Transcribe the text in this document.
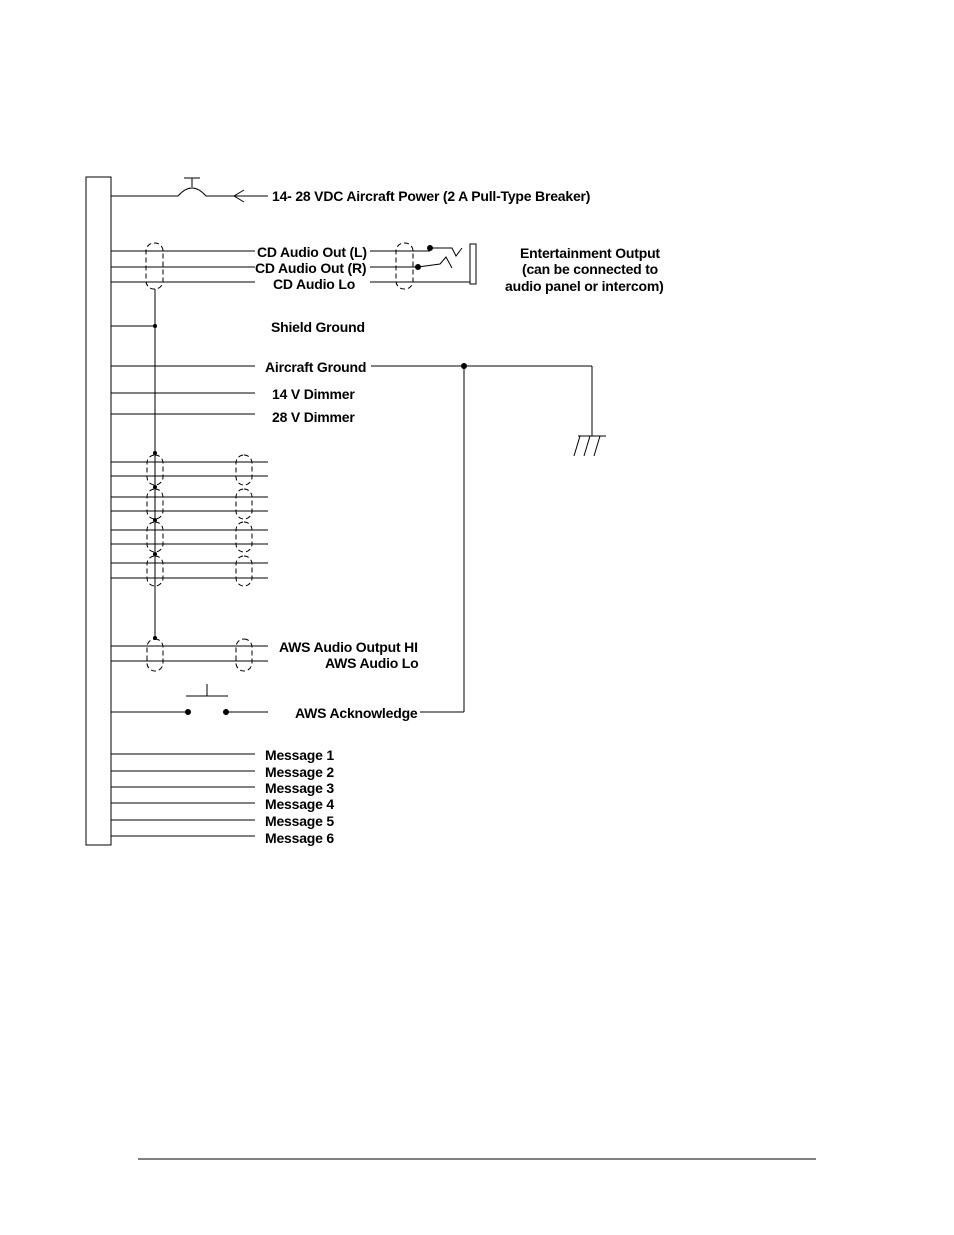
14- 28 VDC Aircraft Power (2 A Pull-Type Breaker)
CD Audio Out (L)
CD Audio Out (R)
CD Audio Lo
Entertainment Output
(can be connected to
audio panel or intercom)
Shield Ground
Aircraft Ground
14 V Dimmer
28 V Dimmer
AWS Audio Output HI
AWS Audio Lo
AWS Acknowledge
Message 1
Message 2
Message 3
Message 4
Message 5
Message 6
